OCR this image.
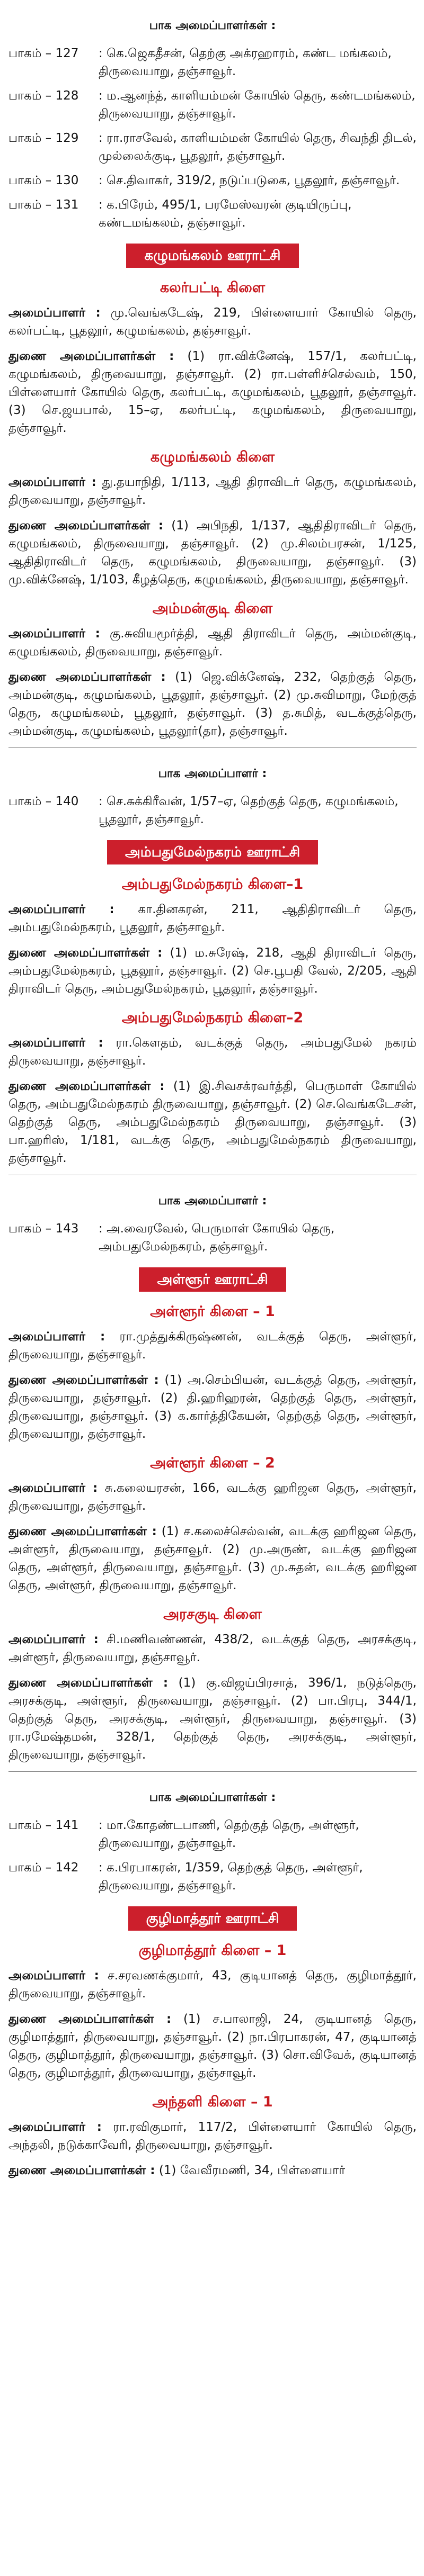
பாக அமைப்பாளர்கள் :
பாகம் – 127	: கெ.ஜெகதீசன், தெற்கு அக்ரஹாரம், கண்ட மங்கலம், திருவையாறு, தஞ்சாவூர்.
பாகம் – 128	: ம.ஆனந்த், காளியம்மன் கோயில் தெரு, கண்டமங்கலம், திருவையாறு, தஞ்சாவூர்.
பாகம் – 129	: ரா.ராசவேல், காளியம்மன் கோயில் தெரு, சிவந்தி திடல், முல்லைக்குடி, பூதலூர், தஞ்சாவூர்.
பாகம் – 130	: செ.திவாகர், 319/2, நடுப்படுகை, பூதலூர், தஞ்சாவூர்.
பாகம் – 131	: க.பிரேம், 495/1, பரமேஸ்வரன் குடியிருப்பு, கண்டமங்கலம், தஞ்சாவூர்.
கழுமங்கலம் ஊராட்சி
கலர்பட்டி கிளை
அமைப்பாளர் : மு.வெங்கடேஷ், 219, பிள்ளையார் கோயில் தெரு, கலர்பட்டி, பூதலூர், கழுமங்கலம், தஞ்சாவூர்.
துணை அமைப்பாளர்கள் : (1) ரா.விக்னேஷ், 157/1, கலர்பட்டி, கழுமங்கலம், திருவையாறு, தஞ்சாவூர். (2) ரா.பள்ளிச்செல்வம், 150, பிள்ளையார் கோயில் தெரு, கலர்பட்டி, கழுமங்கலம், பூதலூர், தஞ்சாவூர். (3) செ.ஜயபால், 15–ஏ, கலர்பட்டி, கழுமங்கலம், திருவையாறு, தஞ்சாவூர்.
கழுமங்கலம் கிளை
அமைப்பாளர் : து.தயாநிதி, 1/113, ஆதி திராவிடர் தெரு, கழுமங்கலம், திருவையாறு, தஞ்சாவூர்.
துணை அமைப்பாளர்கள் : (1) அபிநதி, 1/137, ஆதிதிராவிடர் தெரு, கழுமங்கலம், திருவையாறு, தஞ்சாவூர். (2) மு.சிலம்பரசன், 1/125, ஆதிதிராவிடர் தெரு, கழுமங்கலம், திருவையாறு, தஞ்சாவூர். (3) மு.விக்னேஷ், 1/103, கீழத்தெரு, கழுமங்கலம், திருவையாறு, தஞ்சாவூர்.
அம்மன்குடி கிளை
அமைப்பாளர் : கு.சுவியமூர்த்தி, ஆதி திராவிடர் தெரு, அம்மன்குடி, கழுமங்கலம், திருவையாறு, தஞ்சாவூர்.
துணை அமைப்பாளர்கள் : (1) ஜெ.விக்னேஷ், 232, தெற்குத் தெரு, அம்மன்குடி, கழுமங்கலம், பூதலூர், தஞ்சாவூர். (2) மு.சுவிமாறு, மேற்குத் தெரு, கழுமங்கலம், பூதலூர், தஞ்சாவூர். (3) த.சுமித், வடக்குத்தெரு, அம்மன்குடி, கழுமங்கலம், பூதலூர்(தா), தஞ்சாவூர்.
பாக அமைப்பாளர் :
பாகம் – 140	: செ.சுக்கிரீவன், 1/57–ஏ, தெற்குத் தெரு, கழுமங்கலம், பூதலூர், தஞ்சாவூர்.
அம்பதுமேல்நகரம் ஊராட்சி
அம்பதுமேல்நகரம் கிளை–1
அமைப்பாளர் : கா.தினகரன், 211, ஆதிதிராவிடர் தெரு, அம்பதுமேல்நகரம், பூதலூர், தஞ்சாவூர்.
துணை அமைப்பாளர்கள் : (1) ம.சுரேஷ், 218, ஆதி திராவிடர் தெரு, அம்பதுமேல்நகரம், பூதலூர், தஞ்சாவூர். (2) செ.பூபதி வேல், 2/205, ஆதி திராவிடர் தெரு, அம்பதுமேல்நகரம், பூதலூர், தஞ்சாவூர்.
அம்பதுமேல்நகரம் கிளை–2
அமைப்பாளர் : ரா.கௌதம், வடக்குத் தெரு, அம்பதுமேல் நகரம் திருவையாறு, தஞ்சாவூர்.
துணை அமைப்பாளர்கள் : (1) இ.சிவசக்ரவர்த்தி, பெருமாள் கோயில் தெரு, அம்பதுமேல்நகரம் திருவையாறு, தஞ்சாவூர். (2) செ.வெங்கடேசன், தெற்குத் தெரு, அம்பதுமேல்நகரம் திருவையாறு, தஞ்சாவூர். (3) பா.ஹரிஸ், 1/181, வடக்கு தெரு, அம்பதுமேல்நகரம் திருவையாறு, தஞ்சாவூர்.
பாக அமைப்பாளர் :
பாகம் – 143	: அ.வைரவேல், பெருமாள் கோயில் தெரு, அம்பதுமேல்நகரம், தஞ்சாவூர்.
அள்ளூர் ஊராட்சி
அள்ளூர் கிளை – 1
அமைப்பாளர் : ரா.முத்துக்கிருஷ்ணன், வடக்குத் தெரு, அள்ளூர், திருவையாறு, தஞ்சாவூர்.
துணை அமைப்பாளர்கள் : (1) அ.செம்பியன், வடக்குத் தெரு, அள்ளூர், திருவையாறு, தஞ்சாவூர். (2) தி.ஹரிஹரன், தெற்குத் தெரு, அள்ளூர், திருவையாறு, தஞ்சாவூர். (3) க.கார்த்திகேயன், தெற்குத் தெரு, அள்ளூர், திருவையாறு, தஞ்சாவூர்.
அள்ளூர் கிளை – 2
அமைப்பாளர் : சு.கலையரசன், 166, வடக்கு ஹரிஜன தெரு, அள்ளூர், திருவையாறு, தஞ்சாவூர்.
துணை அமைப்பாளர்கள் : (1) ச.கலைச்செல்வன், வடக்கு ஹரிஜன தெரு, அள்ளூர், திருவையாறு, தஞ்சாவூர். (2) மு.அருண், வடக்கு ஹரிஜன தெரு, அள்ளூர், திருவையாறு, தஞ்சாவூர். (3) மு.சுதன், வடக்கு ஹரிஜன தெரு, அள்ளூர், திருவையாறு, தஞ்சாவூர்.
அரசகுடி கிளை
அமைப்பாளர் : சி.மணிவண்ணன், 438/2, வடக்குத் தெரு, அரசக்குடி, அள்ளூர், திருவையாறு, தஞ்சாவூர்.
துணை அமைப்பாளர்கள் : (1) கு.விஜய்பிரசாத், 396/1, நடுத்தெரு, அரசக்குடி, அள்ளூர், திருவையாறு, தஞ்சாவூர். (2) பா.பிரபு, 344/1, தெற்குத் தெரு, அரசக்குடி, அள்ளூர், திருவையாறு, தஞ்சாவூர். (3) ரா.ரமேஷ்தமன், 328/1, தெற்குத் தெரு, அரசக்குடி, அள்ளூர், திருவையாறு, தஞ்சாவூர்.
பாக அமைப்பாளர்கள் :
பாகம் – 141	: மா.கோதண்டபாணி, தெற்குத் தெரு, அள்ளூர், திருவையாறு, தஞ்சாவூர்.
பாகம் – 142	: க.பிரபாகரன், 1/359, தெற்குத் தெரு, அள்ளூர், திருவையாறு, தஞ்சாவூர்.
குழிமாத்தூர் ஊராட்சி
குழிமாத்தூர் கிளை – 1
அமைப்பாளர் : ச.சரவணக்குமார், 43, குடியானத் தெரு, குழிமாத்தூர், திருவையாறு, தஞ்சாவூர்.
துணை அமைப்பாளர்கள் : (1) ச.பாலாஜி, 24, குடியானத் தெரு, குழிமாத்தூர், திருவையாறு, தஞ்சாவூர். (2) நா.பிரபாகரன், 47, குடியானத் தெரு, குழிமாத்தூர், திருவையாறு, தஞ்சாவூர். (3) சொ.விவேக், குடியானத் தெரு, குழிமாத்தூர், திருவையாறு, தஞ்சாவூர்.
அந்தளி கிளை – 1
அமைப்பாளர் : ரா.ரவிகுமார், 117/2, பிள்ளையார் கோயில் தெரு, அந்தலி, நடுக்காவேரி, திருவையாறு, தஞ்சாவூர்.
துணை அமைப்பாளர்கள் : (1) வேவீரமணி, 34, பிள்ளையார்
